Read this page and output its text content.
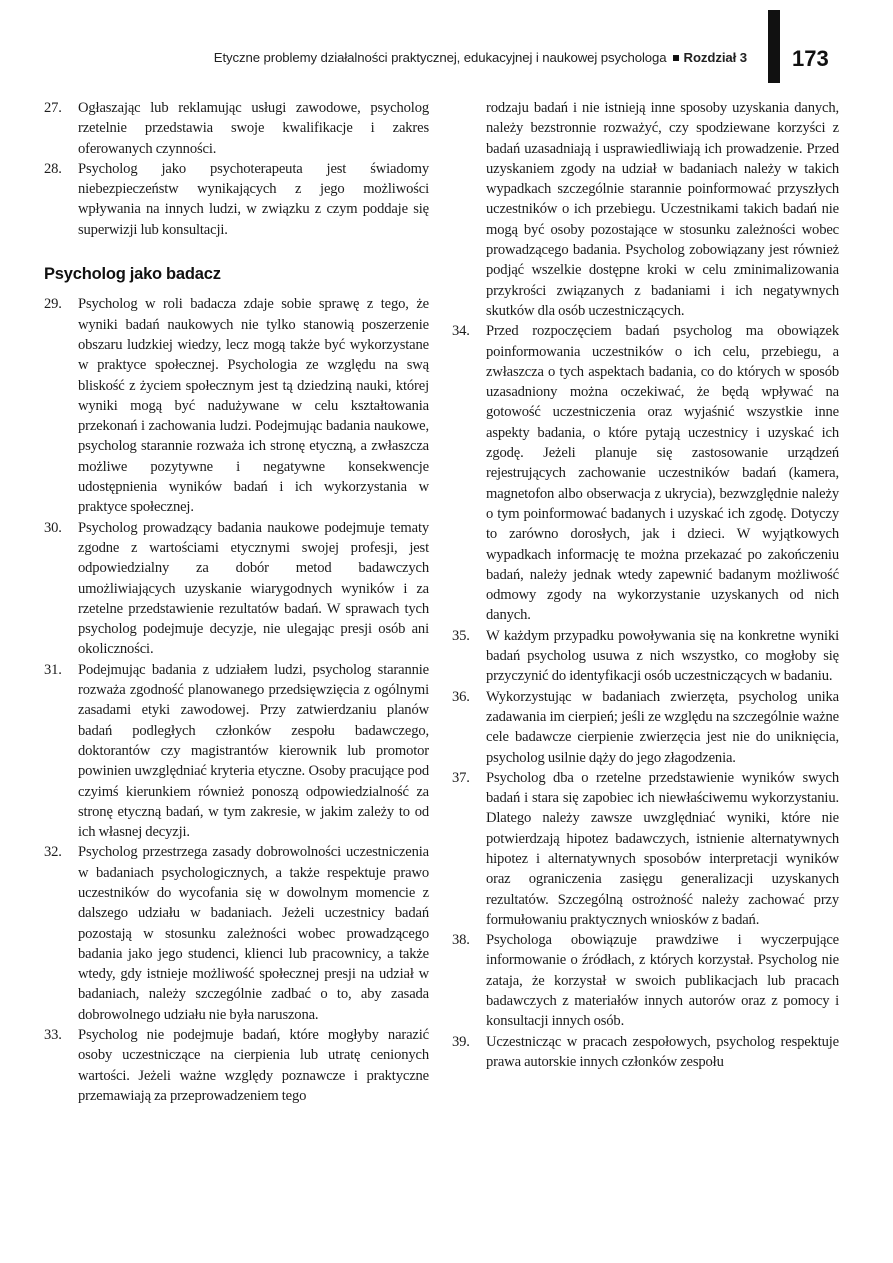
Etyczne problemy działalności praktycznej, edukacyjnej i naukowej psychologa Rozdział 3 173
27.	Ogłaszając lub reklamując usługi zawodowe, psycholog rzetelnie przedstawia swoje kwalifikacje i zakres oferowanych czynności.

28.	Psycholog jako psychoterapeuta jest świadomy niebezpieczeństw wynikających z jego możliwości wpływania na innych ludzi, w związku z czym poddaje się superwizji lub konsultacji.

Psycholog jako badacz
29.	Psycholog w roli badacza zdaje sobie sprawę z tego, że wyniki badań naukowych nie tylko stanowią poszerzenie obszaru ludzkiej wiedzy, lecz mogą także być wykorzystane w praktyce społecznej. Psychologia ze względu na swą bliskość z życiem społecznym jest tą dziedziną nauki, której wyniki mogą być nadużywane w celu kształtowania przekonań i zachowania ludzi. Podejmując badania naukowe, psycholog starannie rozważa ich stronę etyczną, a zwłaszcza możliwe pozytywne i negatywne konsekwencje udostępnienia wyników badań i ich wykorzystania w praktyce społecznej.

30.	Psycholog prowadzący badania naukowe podejmuje tematy zgodne z wartościami etycznymi swojej profesji, jest odpowiedzialny za dobór metod badawczych umożliwiających uzyskanie wiarygodnych wyników i za rzetelne przedstawienie rezultatów badań. W sprawach tych psycholog podejmuje decyzje, nie ulegając presji osób ani okoliczności.

31.	Podejmując badania z udziałem ludzi, psycholog starannie rozważa zgodność planowanego przedsięwzięcia z ogólnymi zasadami etyki zawodowej. Przy zatwierdzaniu planów badań podległych członków zespołu badawczego, doktorantów czy magistrantów kierownik lub promotor powinien uwzględniać kryteria etyczne. Osoby pracujące pod czyimś kierunkiem również ponoszą odpowiedzialność za stronę etyczną badań, w tym zakresie, w jakim zależy to od ich własnej decyzji.

32.	Psycholog przestrzega zasady dobrowolności uczestniczenia w badaniach psychologicznych, a także respektuje prawo uczestników do wycofania się w dowolnym momencie z dalszego udziału w badaniach. Jeżeli uczestnicy badań pozostają w stosunku zależności wobec prowadzącego badania jako jego studenci, klienci lub pracownicy, a także wtedy, gdy istnieje możliwość społecznej presji na udział w badaniach, należy szczególnie zadbać o to, aby zasada dobrowolnego udziału nie była naruszona.

33.	Psycholog nie podejmuje badań, które mogłyby narazić osoby uczestniczące na cierpienia lub utratę cenionych wartości. Jeżeli ważne względy poznawcze i praktyczne przemawiają za przeprowadzeniem tego

rodzaju badań i nie istnieją inne sposoby uzyskania danych, należy bezstronnie rozważyć, czy spodziewane korzyści z badań uzasadniają i usprawiedliwiają ich prowadzenie. Przed uzyskaniem zgody na udział w badaniach należy w takich wypadkach szczególnie starannie poinformować przyszłych uczestników o ich przebiegu. Uczestnikami takich badań nie mogą być osoby pozostające w stosunku zależności wobec prowadzącego badania. Psycholog zobowiązany jest również podjąć wszelkie dostępne kroki w celu zminimalizowania przykrości związanych z badaniami i ich negatywnych skutków dla osób uczestniczących.

34.	Przed rozpoczęciem badań psycholog ma obowiązek poinformowania uczestników o ich celu, przebiegu, a zwłaszcza o tych aspektach badania, co do których w sposób uzasadniony można oczekiwać, że będą wpływać na gotowość uczestniczenia oraz wyjaśnić wszystkie inne aspekty badania, o które pytają uczestnicy i uzyskać ich zgodę. Jeżeli planuje się zastosowanie urządzeń rejestrujących zachowanie uczestników badań (kamera, magnetofon albo obserwacja z ukrycia), bezwzględnie należy o tym poinformować badanych i uzyskać ich zgodę. Dotyczy to zarówno dorosłych, jak i dzieci. W wyjątkowych wypadkach informację te można przekazać po zakończeniu badań, należy jednak wtedy zapewnić badanym możliwość odmowy zgody na wykorzystanie uzyskanych od nich danych.

35.	W każdym przypadku powoływania się na konkretne wyniki badań psycholog usuwa z nich wszystko, co mogłoby się przyczynić do identyfikacji osób uczestniczących w badaniu.

36.	Wykorzystując w badaniach zwierzęta, psycholog unika zadawania im cierpień; jeśli ze względu na szczególnie ważne cele badawcze cierpienie zwierzęcia jest nie do uniknięcia, psycholog usilnie dąży do jego złagodzenia.

37.	Psycholog dba o rzetelne przedstawienie wyników swych badań i stara się zapobiec ich niewłaściwemu wykorzystaniu. Dlatego należy zawsze uwzględniać wyniki, które nie potwierdzają hipotez badawczych, istnienie alternatywnych hipotez i alternatywnych sposobów interpretacji wyników oraz ograniczenia zasięgu generalizacji uzyskanych rezultatów. Szczególną ostrożność należy zachować przy formułowaniu praktycznych wniosków z badań.

38.	Psychologa obowiązuje prawdziwe i wyczerpujące informowanie o źródłach, z których korzystał. Psycholog nie zataja, że korzystał w swoich publikacjach lub pracach badawczych z materiałów innych autorów oraz z pomocy i konsultacji innych osób.

39.	Uczestnicząc w pracach zespołowych, psycholog respektuje prawa autorskie innych członków zespołu
